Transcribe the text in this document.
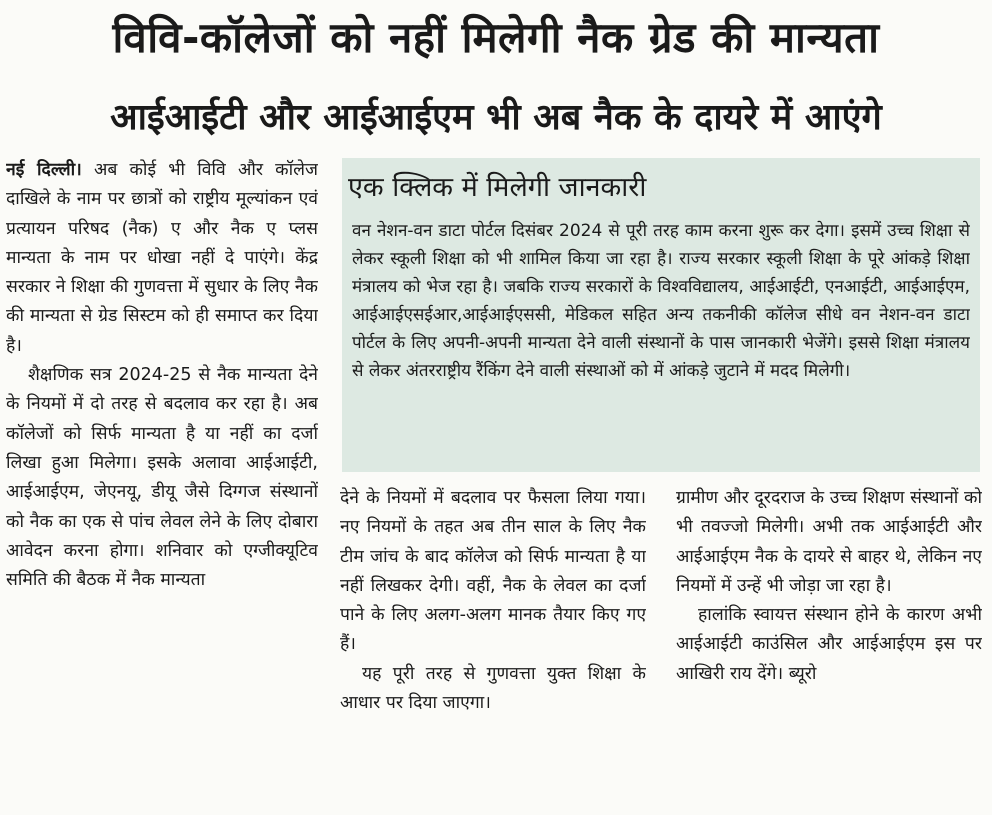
विवि-कॉलेजों को नहीं मिलेगी नैक ग्रेड की मान्यता
आईआईटी और आईआईएम भी अब नैक के दायरे में आएंगे
एक क्लिक में मिलेगी जानकारी
वन नेशन-वन डाटा पोर्टल दिसंबर 2024 से पूरी तरह काम करना शुरू कर देगा। इसमें उच्च शिक्षा से लेकर स्कूली शिक्षा को भी शामिल किया जा रहा है। राज्य सरकार स्कूली शिक्षा के पूरे आंकड़े शिक्षा मंत्रालय को भेज रहा है। जबकि राज्य सरकारों के विश्वविद्यालय, आईआईटी, एनआईटी, आईआईएम, आईआईएसईआर,आईआईएससी, मेडिकल सहित अन्य तकनीकी कॉलेज सीधे वन नेशन-वन डाटा पोर्टल के लिए अपनी-अपनी मान्यता देने वाली संस्थानों के पास जानकारी भेजेंगे। इससे शिक्षा मंत्रालय से लेकर अंतरराष्ट्रीय रैंकिंग देने वाली संस्थाओं को में आंकड़े जुटाने में मदद मिलेगी।

नई दिल्ली। अब कोई भी विवि और कॉलेज दाखिले के नाम पर छात्रों को राष्ट्रीय मूल्यांकन एवं प्रत्यायन परिषद (नैक) ए और नैक ए प्लस मान्यता के नाम पर धोखा नहीं दे पाएंगे। केंद्र सरकार ने शिक्षा की गुणवत्ता में सुधार के लिए नैक की मान्यता से ग्रेड सिस्टम को ही समाप्त कर दिया है।

शैक्षणिक सत्र 2024-25 से नैक मान्यता देने के नियमों में दो तरह से बदलाव कर रहा है। अब कॉलेजों को सिर्फ मान्यता है या नहीं का दर्जा लिखा हुआ मिलेगा। इसके अलावा आईआईटी, आईआईएम, जेएनयू, डीयू जैसे दिग्गज संस्थानों को नैक का एक से पांच लेवल लेने के लिए दोबारा आवेदन करना होगा। शनिवार को एग्जीक्यूटिव समिति की बैठक में नैक मान्यता

देने के नियमों में बदलाव पर फैसला लिया गया। नए नियमों के तहत अब तीन साल के लिए नैक टीम जांच के बाद कॉलेज को सिर्फ मान्यता है या नहीं लिखकर देगी। वहीं, नैक के लेवल का दर्जा पाने के लिए अलग-अलग मानक तैयार किए गए हैं।

यह पूरी तरह से गुणवत्ता युक्त शिक्षा के आधार पर दिया जाएगा।

ग्रामीण और दूरदराज के उच्च शिक्षण संस्थानों को भी तवज्जो मिलेगी। अभी तक आईआईटी और आईआईएम नैक के दायरे से बाहर थे, लेकिन नए नियमों में उन्हें भी जोड़ा जा रहा है।

हालांकि स्वायत्त संस्थान होने के कारण अभी आईआईटी काउंसिल और आईआईएम इस पर आखिरी राय देंगे। ब्यूरो
